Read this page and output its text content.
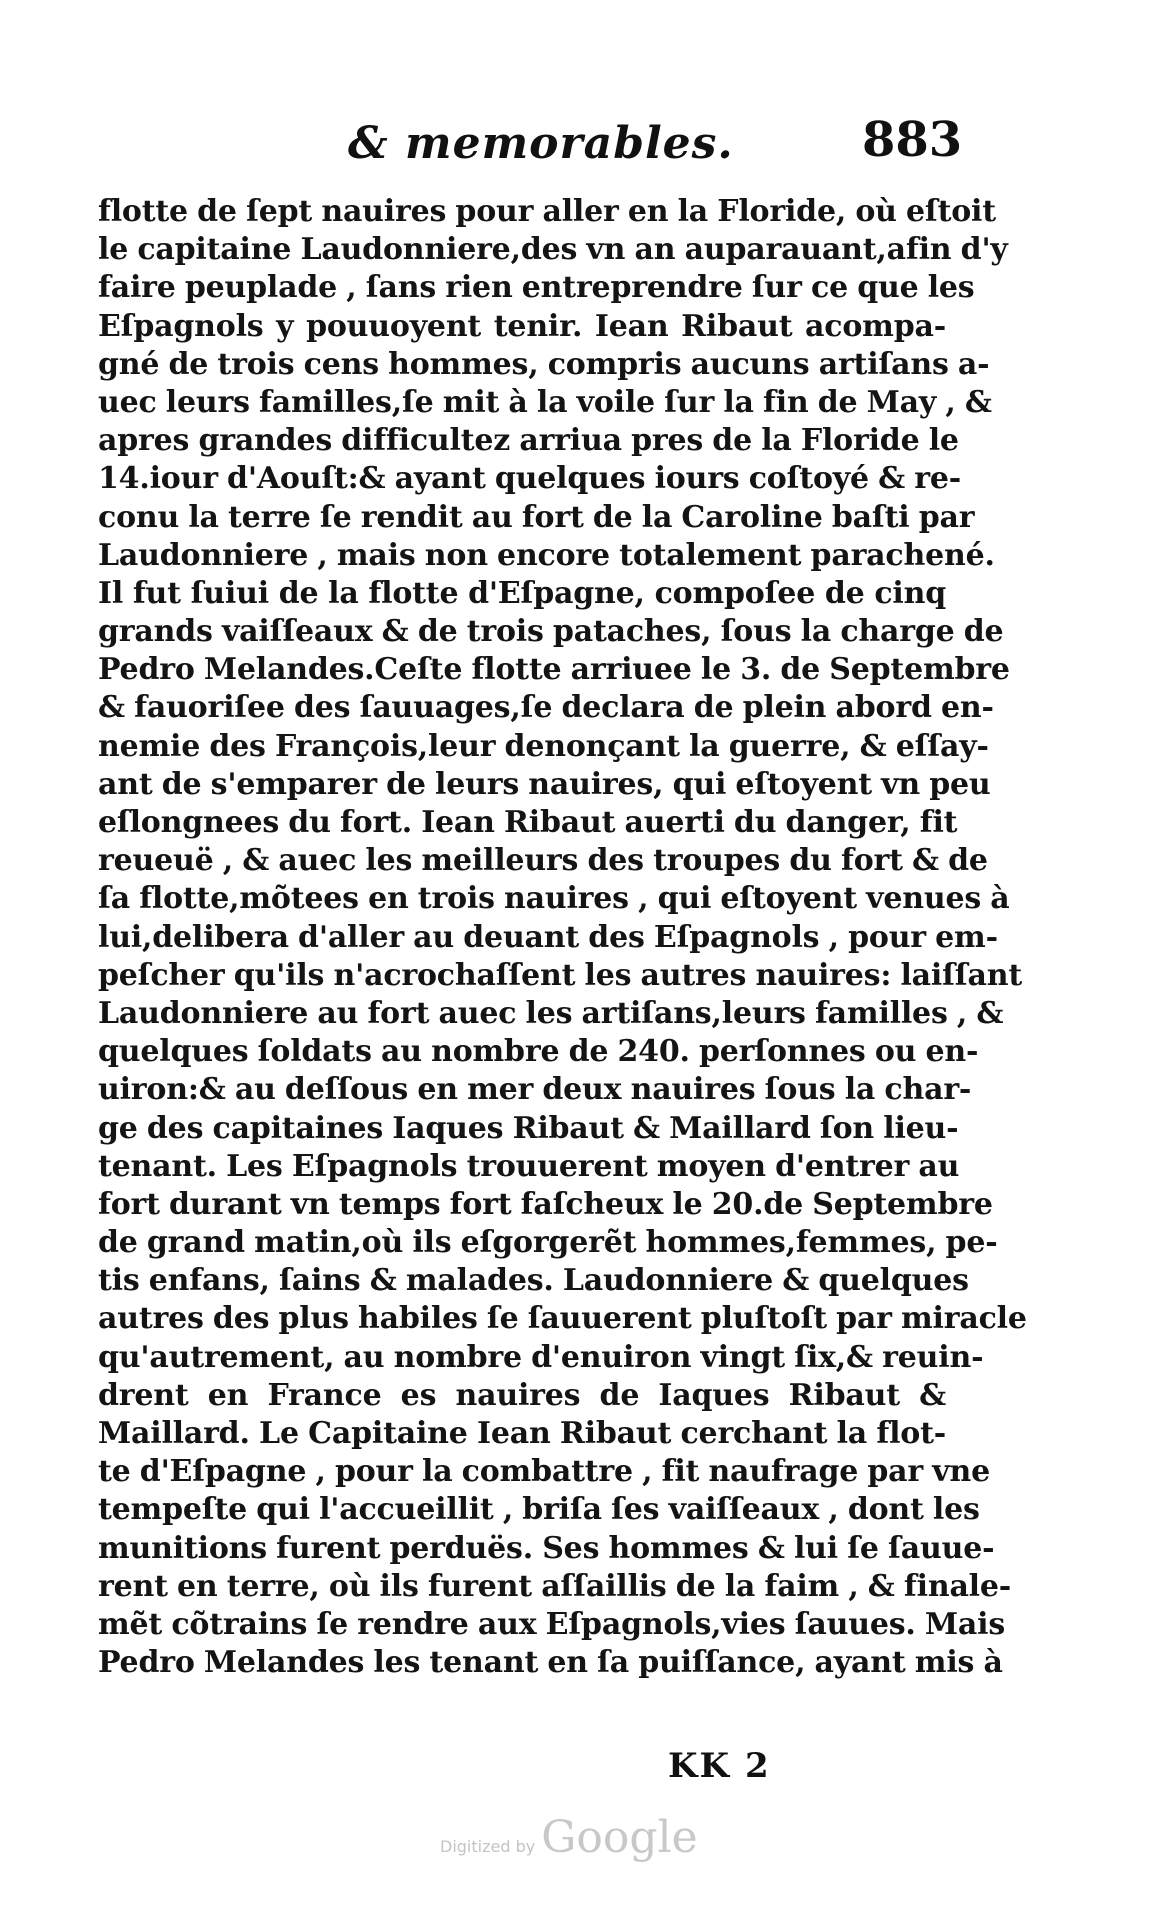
& memorables.	883
flotte de ſept nauires pour aller en la Floride, où eſtoit
le capitaine Laudonniere,des vn an auparauant,afin d'y
faire peuplade , ſans rien entreprendre ſur ce que les
Eſpagnols y pouuoyent tenir. Iean Ribaut acompa-
gné de trois cens hommes, compris aucuns artiſans a-
uec leurs familles,ſe mit à la voile ſur la fin de May , &
apres grandes difficultez arriua pres de la Floride le
14.iour d'Aouſt:& ayant quelques iours coſtoyé & re-
conu la terre ſe rendit au fort de la Caroline baſti par
Laudonniere , mais non encore totalement parachené.
Il fut ſuiui de la flotte d'Eſpagne, compoſee de cinq
grands vaiſſeaux & de trois pataches, ſous la charge de
Pedro Melandes.Ceſte flotte arriuee le 3. de Septembre
& fauoriſee des ſauuages,ſe declara de plein abord en-
nemie des François,leur denonçant la guerre, & eſſay-
ant de s'emparer de leurs nauires, qui eſtoyent vn peu
eſlongnees du fort. Iean Ribaut auerti du danger, fit
reueuë , & auec les meilleurs des troupes du fort & de
ſa flotte,mõtees en trois nauires , qui eſtoyent venues à
lui,delibera d'aller au deuant des Eſpagnols , pour em-
peſcher qu'ils n'acrochaſſent les autres nauires: laiſſant
Laudonniere au fort auec les artiſans,leurs familles , &
quelques ſoldats au nombre de 240. perſonnes ou en-
uiron:& au deſſous en mer deux nauires ſous la char-
ge des capitaines Iaques Ribaut & Maillard ſon lieu-
tenant. Les Eſpagnols trouuerent moyen d'entrer au
fort durant vn temps fort faſcheux le 20.de Septembre
de grand matin,où ils eſgorgerẽt hommes,femmes, pe-
tis enfans, ſains & malades. Laudonniere & quelques
autres des plus habiles ſe ſauuerent pluſtoſt par miracle
qu'autrement, au nombre d'enuiron vingt ſix,& reuin-
drent en France es nauires de Iaques Ribaut &
Maillard. Le Capitaine Iean Ribaut cerchant la flot-
te d'Eſpagne , pour la combattre , fit naufrage par vne
tempeſte qui l'accueillit , briſa ſes vaiſſeaux , dont les
munitions furent perduës. Ses hommes & lui ſe ſauue-
rent en terre, où ils furent aſſaillis de la faim , & finale-
mẽt cõtrains ſe rendre aux Eſpagnols,vies ſauues. Mais
Pedro Melandes les tenant en ſa puiſſance, ayant mis à
KK 2
Digitized by Google
